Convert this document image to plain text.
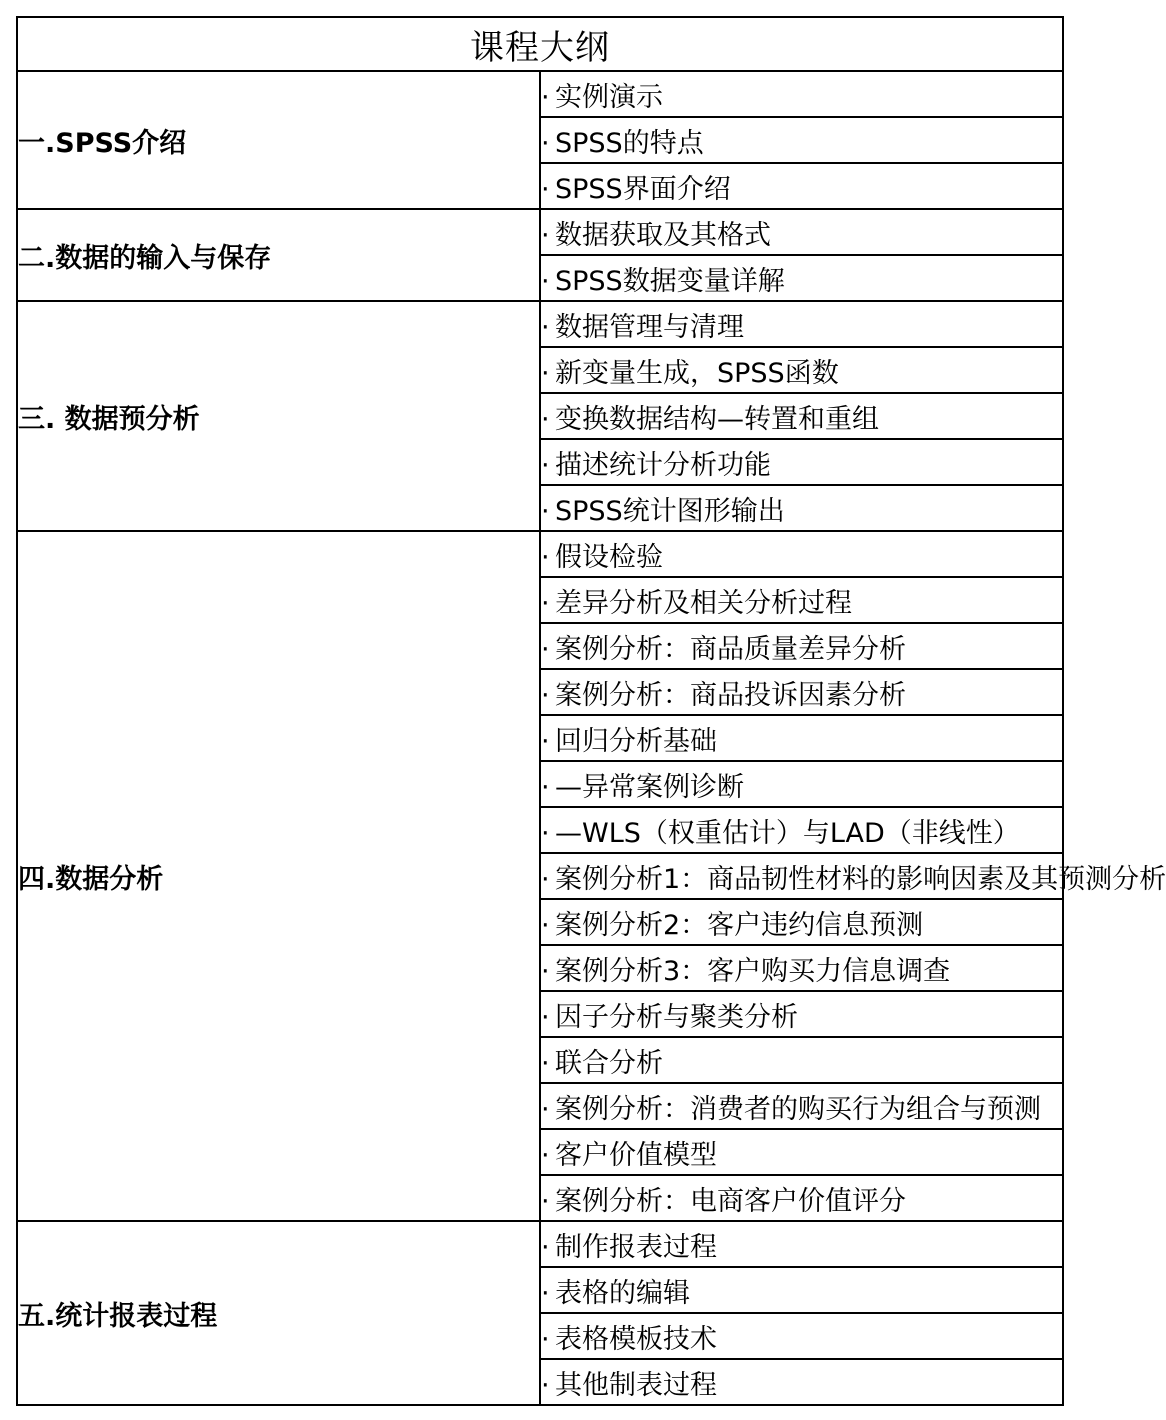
课程大纲	
一.SPSS介绍	· 实例演示
	· SPSS的特点
	· SPSS界面介绍
二.数据的输入与保存	· 数据获取及其格式
	· SPSS数据变量详解
三. 数据预分析	· 数据管理与清理
	· 新变量生成，SPSS函数
	· 变换数据结构—转置和重组
	· 描述统计分析功能
	· SPSS统计图形输出
四.数据分析	· 假设检验
	· 差异分析及相关分析过程
	· 案例分析：商品质量差异分析
	· 案例分析：商品投诉因素分析
	· 回归分析基础
	· —异常案例诊断
	· —WLS（权重估计）与LAD（非线性）
	· 案例分析1：商品韧性材料的影响因素及其预测分析
	· 案例分析2：客户违约信息预测
	· 案例分析3：客户购买力信息调查
	· 因子分析与聚类分析
	· 联合分析
	· 案例分析：消费者的购买行为组合与预测
	· 客户价值模型
	· 案例分析：电商客户价值评分
五.统计报表过程	· 制作报表过程
	· 表格的编辑
	· 表格模板技术
	· 其他制表过程
